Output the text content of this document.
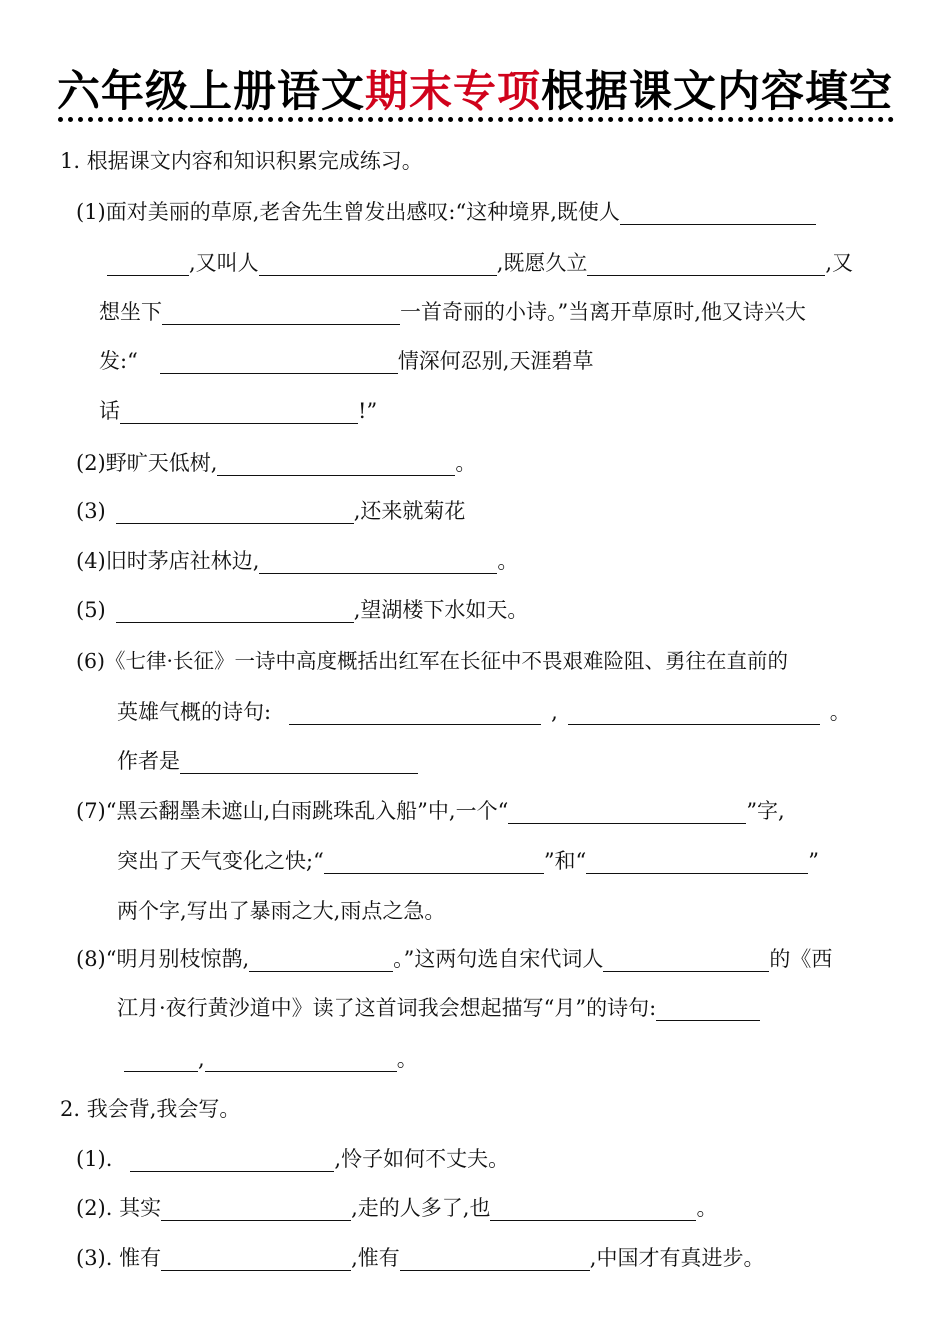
六年级上册语文期末专项根据课文内容填空
1. 根据课文内容和知识积累完成练习。
(1)面对美丽的草原,老舍先生曾发出感叹:“这种境界,既使人
,又叫人	,既愿久立	,又
想坐下	一首奇丽的小诗。”当离开草原时,他又诗兴大
发:“	情深何忍别,天涯碧草
话	!”
(2)野旷天低树,	。
(3)	,还来就菊花
(4)旧时茅店社林边,	。
(5)	,望湖楼下水如天。
(6)《七律·长征》一诗中高度概括出红军在长征中不畏艰难险阻、勇往在直前的
英雄气概的诗句:	,	。
作者是
(7)“黑云翻墨未遮山,白雨跳珠乱入船”中,一个“	”字,
突出了天气变化之快;“	”和“	”
两个字,写出了暴雨之大,雨点之急。
(8)“明月别枝惊鹊,	。”这两句选自宋代词人	的《西
江月·夜行黄沙道中》读了这首词我会想起描写“月”的诗句:
,	。
2. 我会背,我会写。
(1).	,怜子如何不丈夫。
(2). 其实	,走的人多了,也	。
(3). 惟有	,惟有	,中国才有真进步。
